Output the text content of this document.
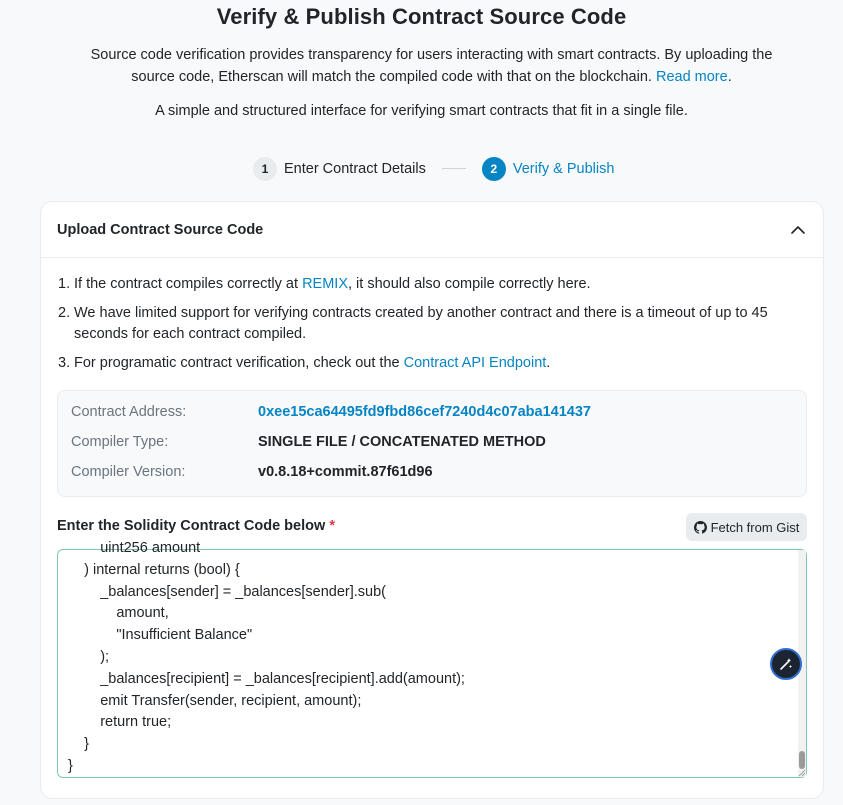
Verify & Publish Contract Source Code

Source code verification provides transparency for users interacting with smart contracts. By uploading the source code, Etherscan will match the compiled code with that on the blockchain. Read more.

A simple and structured interface for verifying smart contracts that fit in a single file.

1	Enter Contract Details	2	Verify & Publish
Upload Contract Source Code
1. If the contract compiles correctly at REMIX, it should also compile correctly here.
2. We have limited support for verifying contracts created by another contract and there is a timeout of up to 45 seconds for each contract compiled.
3. For programatic contract verification, check out the Contract API Endpoint.
Contract Address:	0xee15ca64495fd9fbd86cef7240d4c07aba141437
Compiler Type:	SINGLE FILE / CONCATENATED METHOD
Compiler Version:	v0.8.18+commit.87f61d96
Enter the Solidity Contract Code below *	Fetch from Gist
uint256 amount
) internal returns (bool) {
_balances[sender] = _balances[sender].sub(
amount,
"Insufficient Balance"
);
_balances[recipient] = _balances[recipient].add(amount);
emit Transfer(sender, recipient, amount);
return true;
}
}
